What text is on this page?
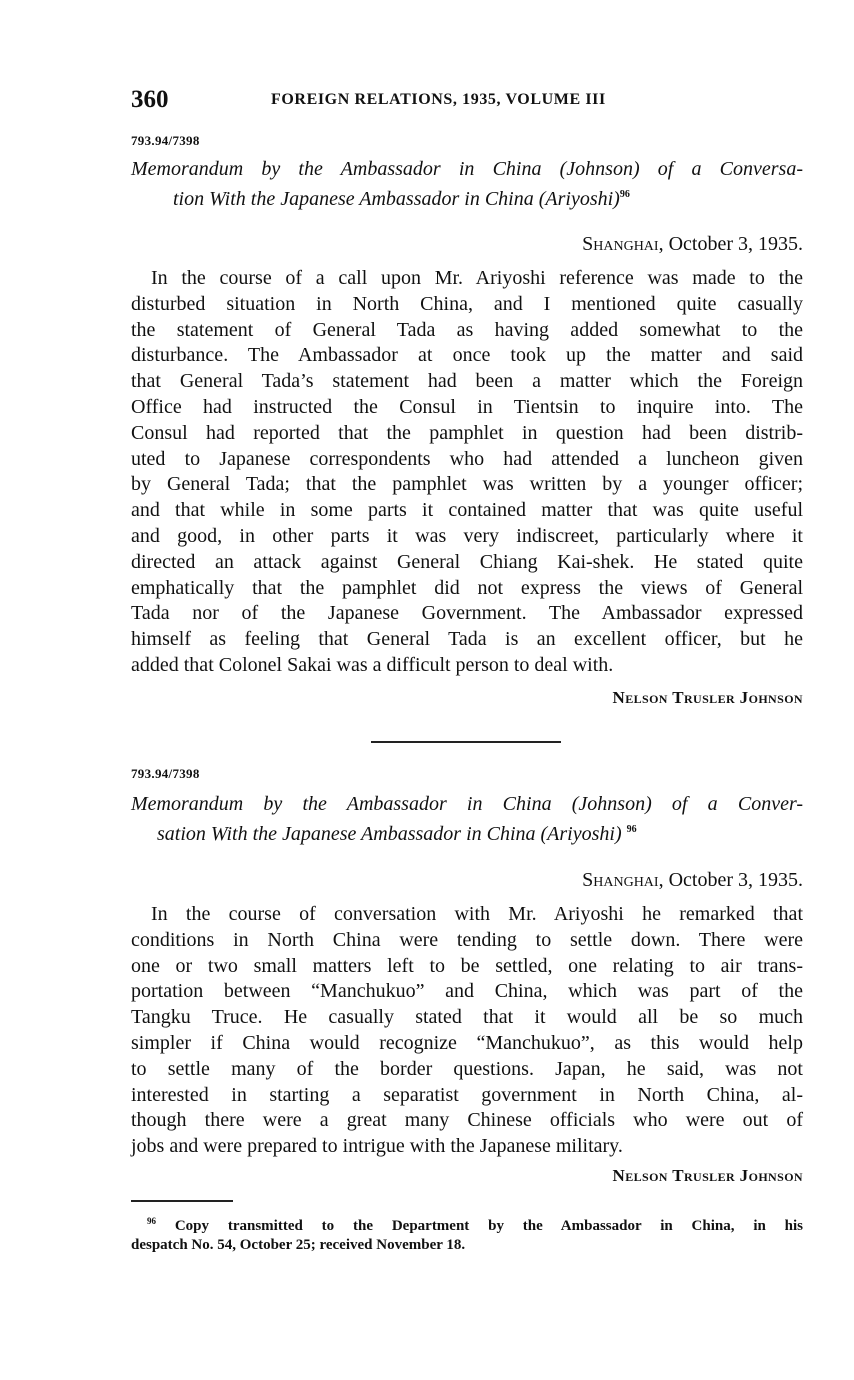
360	FOREIGN RELATIONS, 1935, VOLUME III
793.94/7398
Memorandum by the Ambassador in China (Johnson) of a Conversa-
tion With the Japanese Ambassador in China (Ariyoshi)$^{96}$
Shanghai, October 3, 1935.
In the course of a call upon Mr. Ariyoshi reference was made to the
disturbed situation in North China, and I mentioned quite casually
the statement of General Tada as having added somewhat to the
disturbance. The Ambassador at once took up the matter and said
that General Tada’s statement had been a matter which the Foreign
Office had instructed the Consul in Tientsin to inquire into. The
Consul had reported that the pamphlet in question had been distrib-
uted to Japanese correspondents who had attended a luncheon given
by General Tada; that the pamphlet was written by a younger officer;
and that while in some parts it contained matter that was quite useful
and good, in other parts it was very indiscreet, particularly where it
directed an attack against General Chiang Kai-shek. He stated quite
emphatically that the pamphlet did not express the views of General
Tada nor of the Japanese Government. The Ambassador expressed
himself as feeling that General Tada is an excellent officer, but he
added that Colonel Sakai was a difficult person to deal with.
Nelson Trusler Johnson
793.94/7398
Memorandum by the Ambassador in China (Johnson) of a Conver-
sation With the Japanese Ambassador in China (Ariyoshi) $^{96}$
Shanghai, October 3, 1935.
In the course of conversation with Mr. Ariyoshi he remarked that
conditions in North China were tending to settle down. There were
one or two small matters left to be settled, one relating to air trans-
portation between “Manchukuo” and China, which was part of the
Tangku Truce. He casually stated that it would all be so much
simpler if China would recognize “Manchukuo”, as this would help
to settle many of the border questions. Japan, he said, was not
interested in starting a separatist government in North China, al-
though there were a great many Chinese officials who were out of
jobs and were prepared to intrigue with the Japanese military.
Nelson Trusler Johnson
$^{96}$ Copy transmitted to the Department by the Ambassador in China, in his
despatch No. 54, October 25; received November 18.
